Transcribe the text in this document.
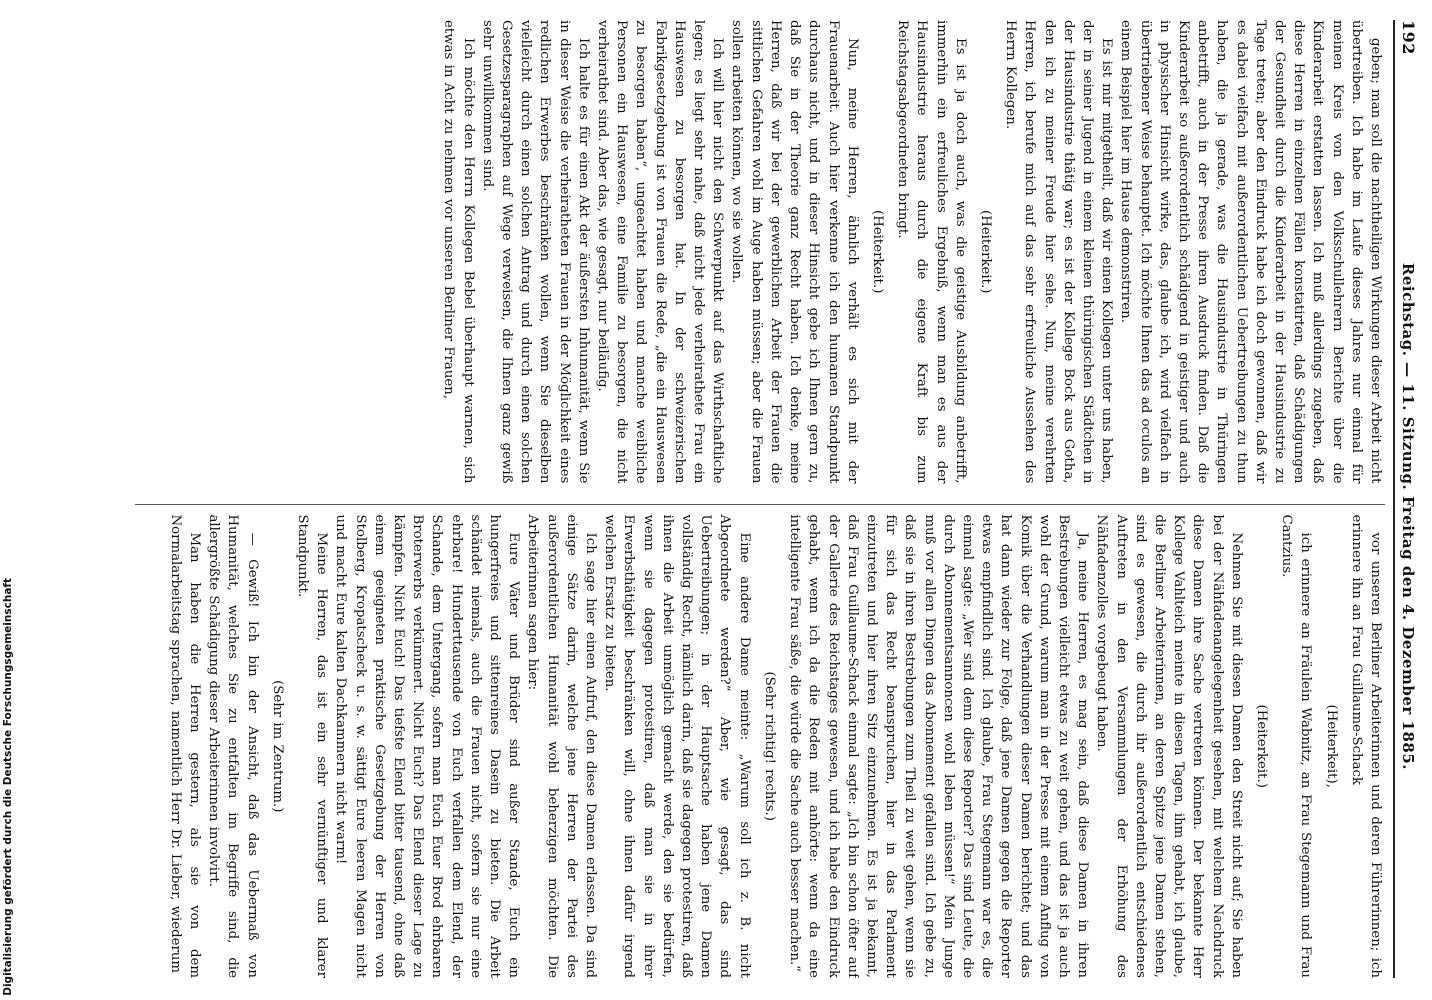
Digitalisierung gefördert durch die Deutsche Forschungsgemeinschaft
192
Reichstag. — 11. Sitzung. Freitag den 4. Dezember 1885.

geben; man soll die nachtheiligen Wirkungen dieser Arbeit nicht übertreiben. Ich habe im Laufe dieses Jahres nur einmal für meinen Kreis von den Volksschullehrern Berichte über die Kinderarbeit erstatten lassen. Ich muß allerdings zugeben, daß diese Herren in einzelnen Fällen konstatirten, daß Schädigungen der Gesundheit durch die Kinderarbeit in der Hausindustrie zu Tage treten; aber den Eindruck habe ich doch gewonnen, daß wir es dabei vielfach mit außerordentlichen Uebertreibungen zu thun haben, die ja gerade, was die Hausindustrie in Thüringen anbetrifft, auch in der Presse ihren Ausdruck finden. Daß die Kinderarbeit so außerordentlich schädigend in geistiger und auch in physischer Hinsicht wirke, das, glaube ich, wird vielfach in übertriebener Weise behauptet. Ich möchte Ihnen das ad oculos an einem Beispiel hier im Hause demonstriren.

Es ist mir mitgetheilt, daß wir einen Kollegen unter uns haben, der in seiner Jugend in einem kleinen thüringischen Städtchen in der Hausindustrie thätig war; es ist der Kollege Bock aus Gotha, den ich zu meiner Freude hier sehe. Nun, meine verehrten Herren, ich berufe mich auf das sehr erfreuliche Aussehen des Herrn Kollegen.

(Heiterkeit.)

Es ist ja doch auch, was die geistige Ausbildung anbetrifft, immerhin ein erfreuliches Ergebniß, wenn man es aus der Hausindustrie heraus durch die eigene Kraft bis zum Reichstagsabgeordneten bringt.

(Heiterkeit.)

Nun, meine Herren, ähnlich verhält es sich mit der Frauenarbeit. Auch hier verkenne ich den humanen Standpunkt durchaus nicht, und in dieser Hinsicht gebe ich Ihnen gern zu, daß Sie in der Theorie ganz Recht haben. Ich denke, meine Herren, daß wir bei der gewerblichen Arbeit der Frauen die sittlichen Gefahren wohl im Auge haben müssen; aber die Frauen sollen arbeiten können, wo sie wollen.

Ich will hier nicht den Schwerpunkt auf das Wirthschaftliche legen; es liegt sehr nahe, daß nicht jede verheirathete Frau ein Hauswesen zu besorgen hat. In der schweizerischen Fabrikgesetzgebung ist von Frauen die Rede, „die ein Hauswesen zu besorgen haben“, ungeachtet haben und manche weibliche Personen ein Hauswesen, eine Familie zu besorgen, die nicht verheirathet sind. Aber das, wie gesagt, nur beiläufig.

Ich halte es für einen Akt der äußersten Inhumanität, wenn Sie in dieser Weise die verheiratheten Frauen in der Möglichkeit eines redlichen Erwerbes beschränken wollen, wenn Sie dieselben vielleicht durch einen solchen Antrag und durch einen solchen Gesetzesparagraphen auf Wege verweisen, die Ihnen ganz gewiß sehr unwillkommen sind.

Ich möchte den Herrn Kollegen Bebel überhaupt warnen, sich etwas in Acht zu nehmen vor unseren Berliner Frauen,

vor unseren Berliner Arbeiterinnen und deren Führerinnen; ich erinnere ihn an Frau Guillaume-Schack

(Heiterkeit),

ich erinnere an Fräulein Wabnitz, an Frau Stegemann und Frau Cantzius.

(Heiterkeit.)

Nehmen Sie mit diesen Damen den Streit nicht auf; Sie haben bei der Nähfadenangelegenheit gesehen, mit welchem Nachdruck diese Damen ihre Sache vertreten können. Der bekannte Herr Kollege Vahlteich meinte in diesen Tagen, ihm gehabt, ich glaube, die Berliner Arbeiterinnen, an deren Spitze jene Damen stehen, sind es gewesen, die durch ihr außerordentlich entschiedenes Auftreten in den Versammlungen der Erhöhung des Nähfadenzolles vorgebeugt haben.

Ja, meine Herren, es mag sein, daß diese Damen in ihren Bestrebungen vielleicht etwas zu weit gehen, und das ist ja auch wohl der Grund, warum man in der Presse mit einem Anflug von Komik über die Verhandlungen dieser Damen berichtet; und das hat dann wieder zur Folge, daß jene Damen gegen die Reporter etwas empfindlich sind. Ich glaube, Frau Stegemann war es, die einmal sagte: „Wer sind denn diese Reporter? Das sind Leute, die durch Abonnementsannoncen wohl leben müssen!“ Mein Junge muß vor allen Dingen das Abonnement gefallen sind. Ich gebe zu, daß sie in ihren Bestrebungen zum Theil zu weit gehen, wenn sie für sich das Recht beanspruchen, hier in das Parlament einzutreten und hier ihren Sitz einzunehmen. Es ist ja bekannt, daß Frau Guillaume-Schack einmal sagte: „Ich bin schon öfter auf der Gallerie des Reichstages gewesen, und ich habe den Eindruck gehabt, wenn ich da die Reden mit anhörte: wenn da eine intelligente Frau säße, die würde die Sache auch besser machen.“

(Sehr richtig! rechts.)

Eine andere Dame meinte: „Warum soll ich z. B. nicht Abgeordnete werden?“ Aber, wie gesagt, das sind Uebertreibungen; in der Hauptsache haben jene Damen vollständig Recht, nämlich darin, daß sie dagegen protestiren, daß ihnen die Arbeit unmöglich gemacht werde, den sie bedürfen, wenn sie dagegen protestiren, daß man sie in ihrer Erwerbsthätigkeit beschränken will, ohne ihnen dafür irgend welchen Ersatz zu bieten.

Ich sage hier einen Aufruf, den diese Damen erlassen. Da sind einige Sätze darin, welche jene Herren der Partei des außerordentlichen Humanität wohl beherzigen möchten. Die Arbeiterinnen sagen hier:

Eure Väter und Brüder sind außer Stande, Euch ein hungerfreies und sittenreines Dasein zu bieten. Die Arbeit schändet niemals, auch die Frauen nicht, sofern sie nur eine ehrbare! Hunderttausende von Euch verfallen dem Elend, der Schande, dem Untergang, sofern man Euch Euer Brod ehrbaren Broterwerbs verkümmert. Nicht Euch? Das Elend dieser Lage zu kämpfen. Nicht Euch! Das tiefste Elend bitter tausend, ohne daß einem geeigneten praktische Gesetzgebung der Herren von Stolberg, Kropatscheck u. s. w. sättigt Eure leeren Magen nicht und macht Eure kalten Dachkammern nicht warm!

Meine Herren, das ist ein sehr vernünftiger und klarer Standpunkt.

(Sehr im Zentrum.)

— Gewiß! Ich bin der Ansicht, daß das Uebermaß von Humanität, welches Sie zu entfalten im Begriffe sind, die allergrößte Schädigung dieser Arbeiterinnen involvirt.

Man haben die Herren gestern, als sie von dem Normalarbeitstag sprachen, namentlich Herr Dr. Lieber, wiederum
